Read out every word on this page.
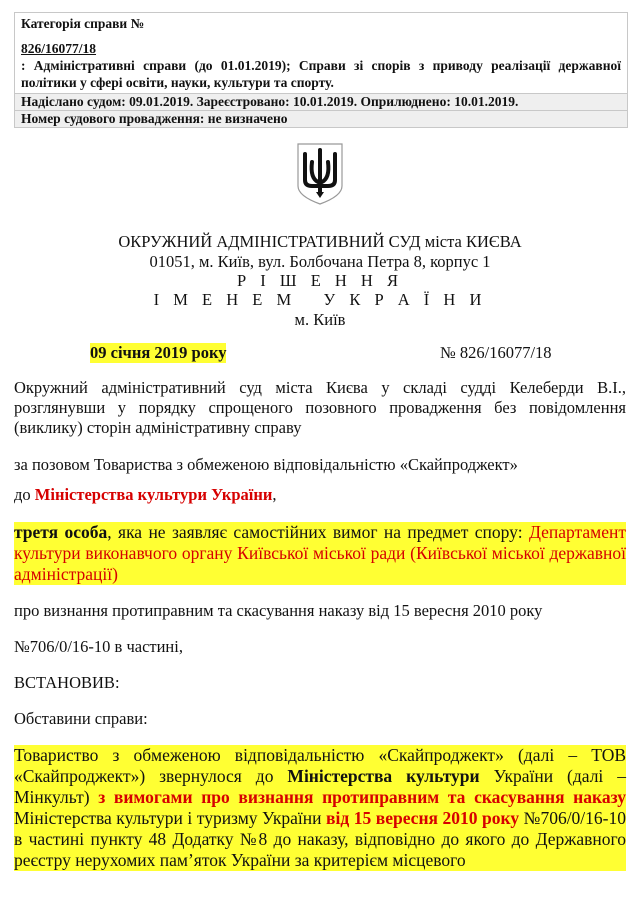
Категорія справи №
826/16077/18
: Адміністративні справи (до 01.01.2019); Справи зі спорів з приводу реалізації державної політики у сфері освіти, науки, культури та спорту.
Надіслано судом: 09.01.2019. Зареєстровано: 10.01.2019. Оприлюднено: 10.01.2019.
Номер судового провадження: не визначено
ОКРУЖНИЙ АДМІНІСТРАТИВНИЙ СУД міста КИЄВА
01051, м. Київ, вул. Болбочана Петра 8, корпус 1
Р І Ш Е Н Н Я
І М Е Н Е М   У К Р А Ї Н И
м. Київ
09 січня 2019 року	№ 826/16077/18
Окружний адміністративний суд міста Києва у складі судді Келеберди В.І., розглянувши у порядку спрощеного позовного провадження без повідомлення (виклику) сторін адміністративну справу
за позовом Товариства з обмеженою відповідальністю «Скайпроджект»
до Міністерства культури України,
третя особа, яка не заявляє самостійних вимог на предмет спору: Департамент культури виконавчого органу Київської міської ради (Київської міської державної адміністрації)
про визнання протиправним та скасування наказу від 15 вересня 2010 року
№706/0/16-10 в частині,
ВСТАНОВИВ:
Обставини справи:
Товариство з обмеженою відповідальністю «Скайпроджект» (далі – ТОВ «Скайпроджект») звернулося до Міністерства культури України (далі – Мінкульт) з вимогами про визнання протиправним та скасування наказу Міністерства культури і туризму України від 15 вересня 2010 року №706/0/16-10 в частині пункту 48 Додатку №8 до наказу, відповідно до якого до Державного реєстру нерухомих пам’яток України за критерієм місцевого
